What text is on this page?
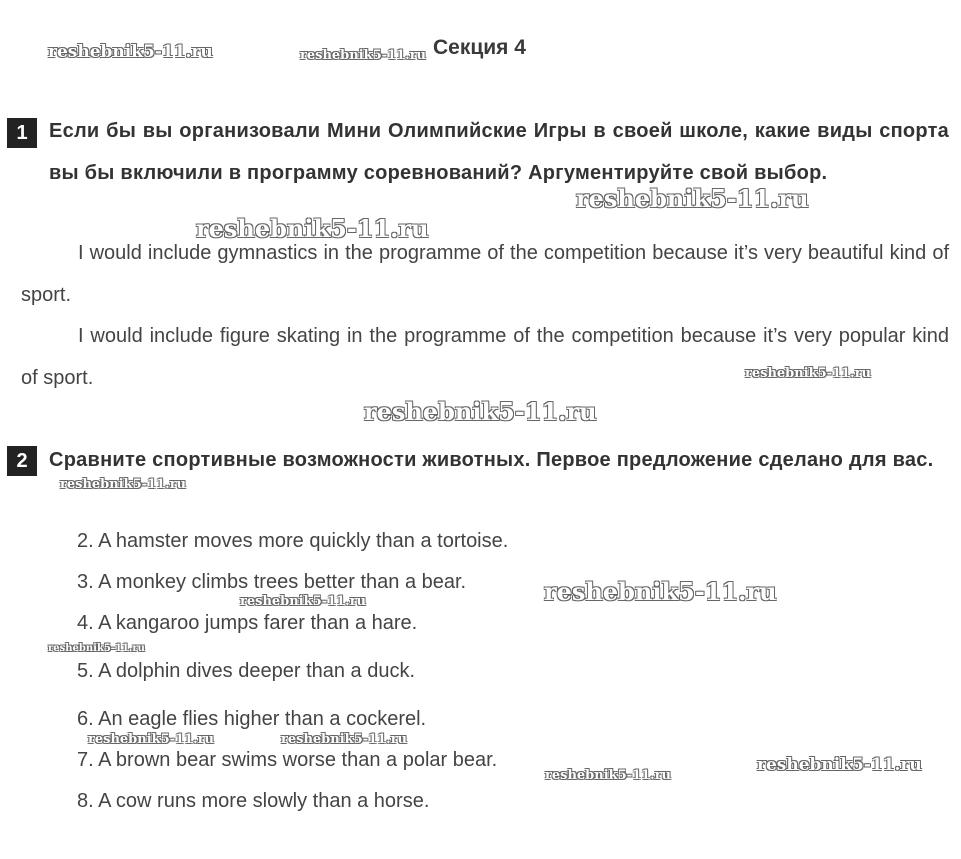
Секция 4
1	Если бы вы организовали Мини Олимпийские Игры в своей школе, какие виды спорта вы бы включили в программу соревнований? Аргументируйте свой выбор.
I would include gymnastics in the programme of the competition because it’s very beautiful kind of sport.
I would include figure skating in the programme of the competition because it’s very popular kind of sport.
2	Сравните спортивные возможности животных. Первое предложение сделано для вас.
2. A hamster moves more quickly than a tortoise.
3. A monkey climbs trees better than a bear.
4. A kangaroo jumps farer than a hare.
5. A dolphin dives deeper than a duck.
6. An eagle flies higher than a cockerel.
7. A brown bear swims worse than a polar bear.
8. A cow runs more slowly than a horse.
reshebnik5-11.ru	reshebnik5-11.ru
reshebnik5-11.ru
reshebnik5-11.ru
reshebnik5-11.ru
reshebnik5-11.ru
reshebnik5-11.ru
reshebnik5-11.ru
reshebnik5-11.ru
reshebnik5-11.ru
reshebnik5-11.ru	reshebnik5-11.ru
reshebnik5-11.ru
reshebnik5-11.ru
